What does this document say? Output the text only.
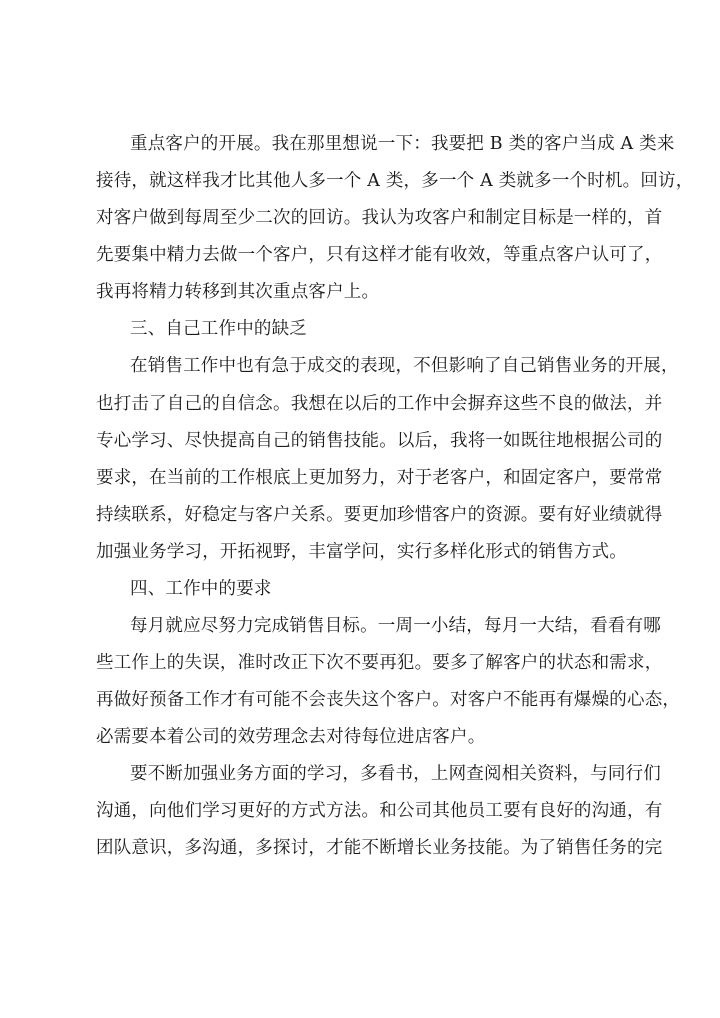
重点客户的开展。我在那里想说一下：我要把 B 类的客户当成 A 类来
接待，就这样我才比其他人多一个 A 类，多一个 A 类就多一个时机。回访，
对客户做到每周至少二次的回访。我认为攻客户和制定目标是一样的，首
先要集中精力去做一个客户，只有这样才能有收效，等重点客户认可了，
我再将精力转移到其次重点客户上。
三、自己工作中的缺乏
在销售工作中也有急于成交的表现，不但影响了自己销售业务的开展，
也打击了自己的自信念。我想在以后的工作中会摒弃这些不良的做法，并
专心学习、尽快提高自己的销售技能。以后，我将一如既往地根据公司的
要求，在当前的工作根底上更加努力，对于老客户，和固定客户，要常常
持续联系，好稳定与客户关系。要更加珍惜客户的资源。要有好业绩就得
加强业务学习，开拓视野，丰富学问，实行多样化形式的销售方式。
四、工作中的要求
每月就应尽努力完成销售目标。一周一小结，每月一大结，看看有哪
些工作上的失误，准时改正下次不要再犯。要多了解客户的状态和需求，
再做好预备工作才有可能不会丧失这个客户。对客户不能再有爆燥的心态，
必需要本着公司的效劳理念去对待每位进店客户。
要不断加强业务方面的学习，多看书，上网查阅相关资料，与同行们
沟通，向他们学习更好的方式方法。和公司其他员工要有良好的沟通，有
团队意识，多沟通，多探讨，才能不断增长业务技能。为了销售任务的完
